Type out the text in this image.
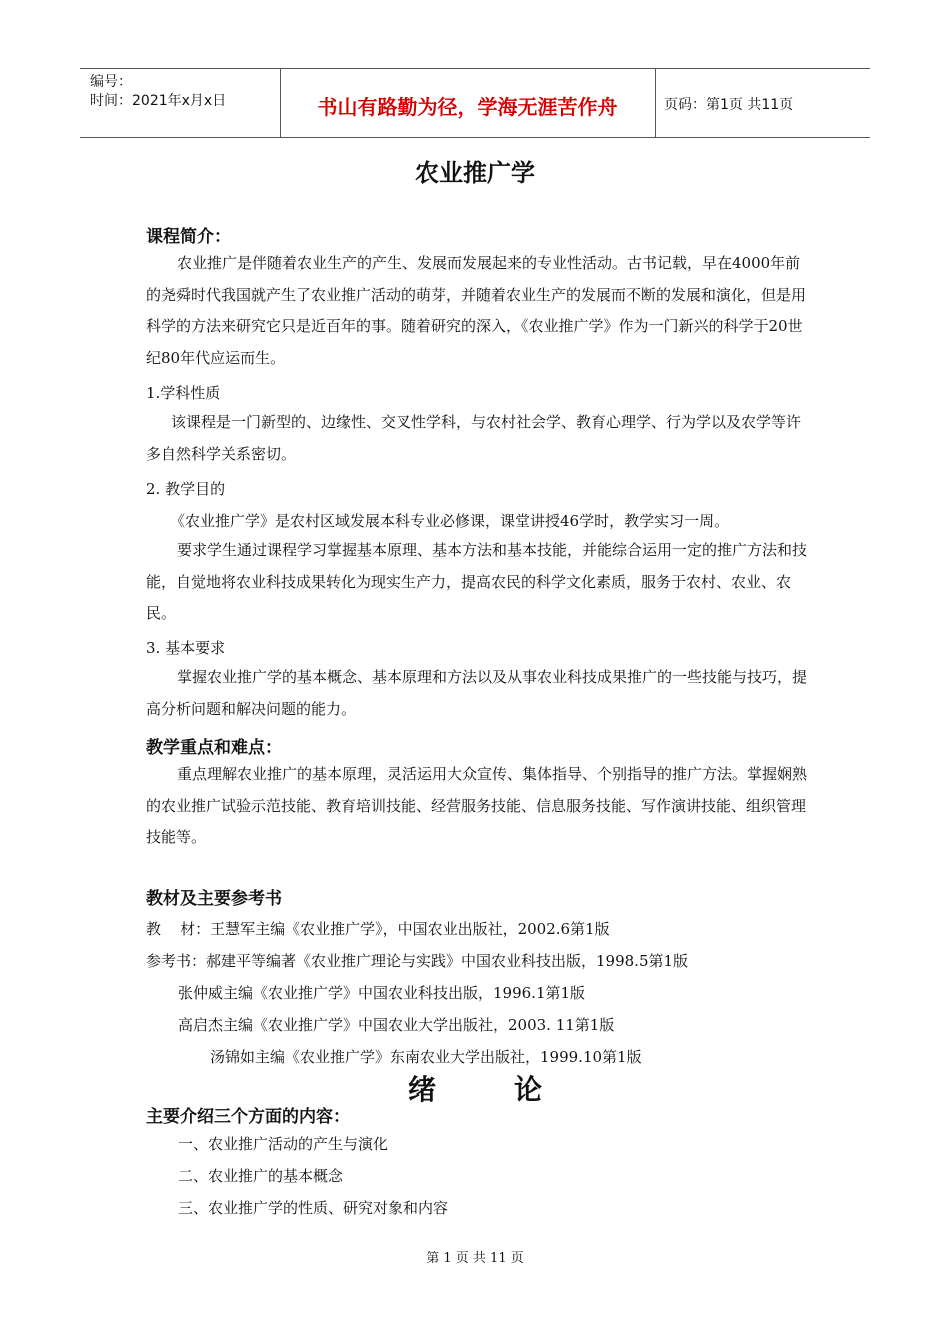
编号：
时间：2021年x月x日	书山有路勤为径，学海无涯苦作舟	页码：第1页 共11页
农业推广学
课程简介：
农业推广是伴随着农业生产的产生、发展而发展起来的专业性活动。古书记载，早在4000年前的尧舜时代我国就产生了农业推广活动的萌芽，并随着农业生产的发展而不断的发展和演化，但是用科学的方法来研究它只是近百年的事。随着研究的深入，《农业推广学》作为一门新兴的科学于20世纪80年代应运而生。
1.学科性质
该课程是一门新型的、边缘性、交叉性学科，与农村社会学、教育心理学、行为学以及农学等许多自然科学关系密切。
2. 教学目的
《农业推广学》是农村区域发展本科专业必修课，课堂讲授46学时，教学实习一周。
要求学生通过课程学习掌握基本原理、基本方法和基本技能，并能综合运用一定的推广方法和技能，自觉地将农业科技成果转化为现实生产力，提高农民的科学文化素质，服务于农村、农业、农民。
3. 基本要求
掌握农业推广学的基本概念、基本原理和方法以及从事农业科技成果推广的一些技能与技巧，提高分析问题和解决问题的能力。
教学重点和难点：
重点理解农业推广的基本原理，灵活运用大众宣传、集体指导、个别指导的推广方法。掌握娴熟的农业推广试验示范技能、教育培训技能、经营服务技能、信息服务技能、写作演讲技能、组织管理技能等。
教材及主要参考书
教    材：王慧军主编《农业推广学》，中国农业出版社，2002.6第1版
参考书：郝建平等编著《农业推广理论与实践》中国农业科技出版，1998.5第1版
张仲威主编《农业推广学》中国农业科技出版，1996.1第1版
高启杰主编《农业推广学》中国农业大学出版社，2003. 11第1版
汤锦如主编《农业推广学》东南农业大学出版社，1999.10第1版
绪        论
主要介绍三个方面的内容：
一、农业推广活动的产生与演化
二、农业推广的基本概念
三、农业推广学的性质、研究对象和内容
第 1 页 共 11 页
